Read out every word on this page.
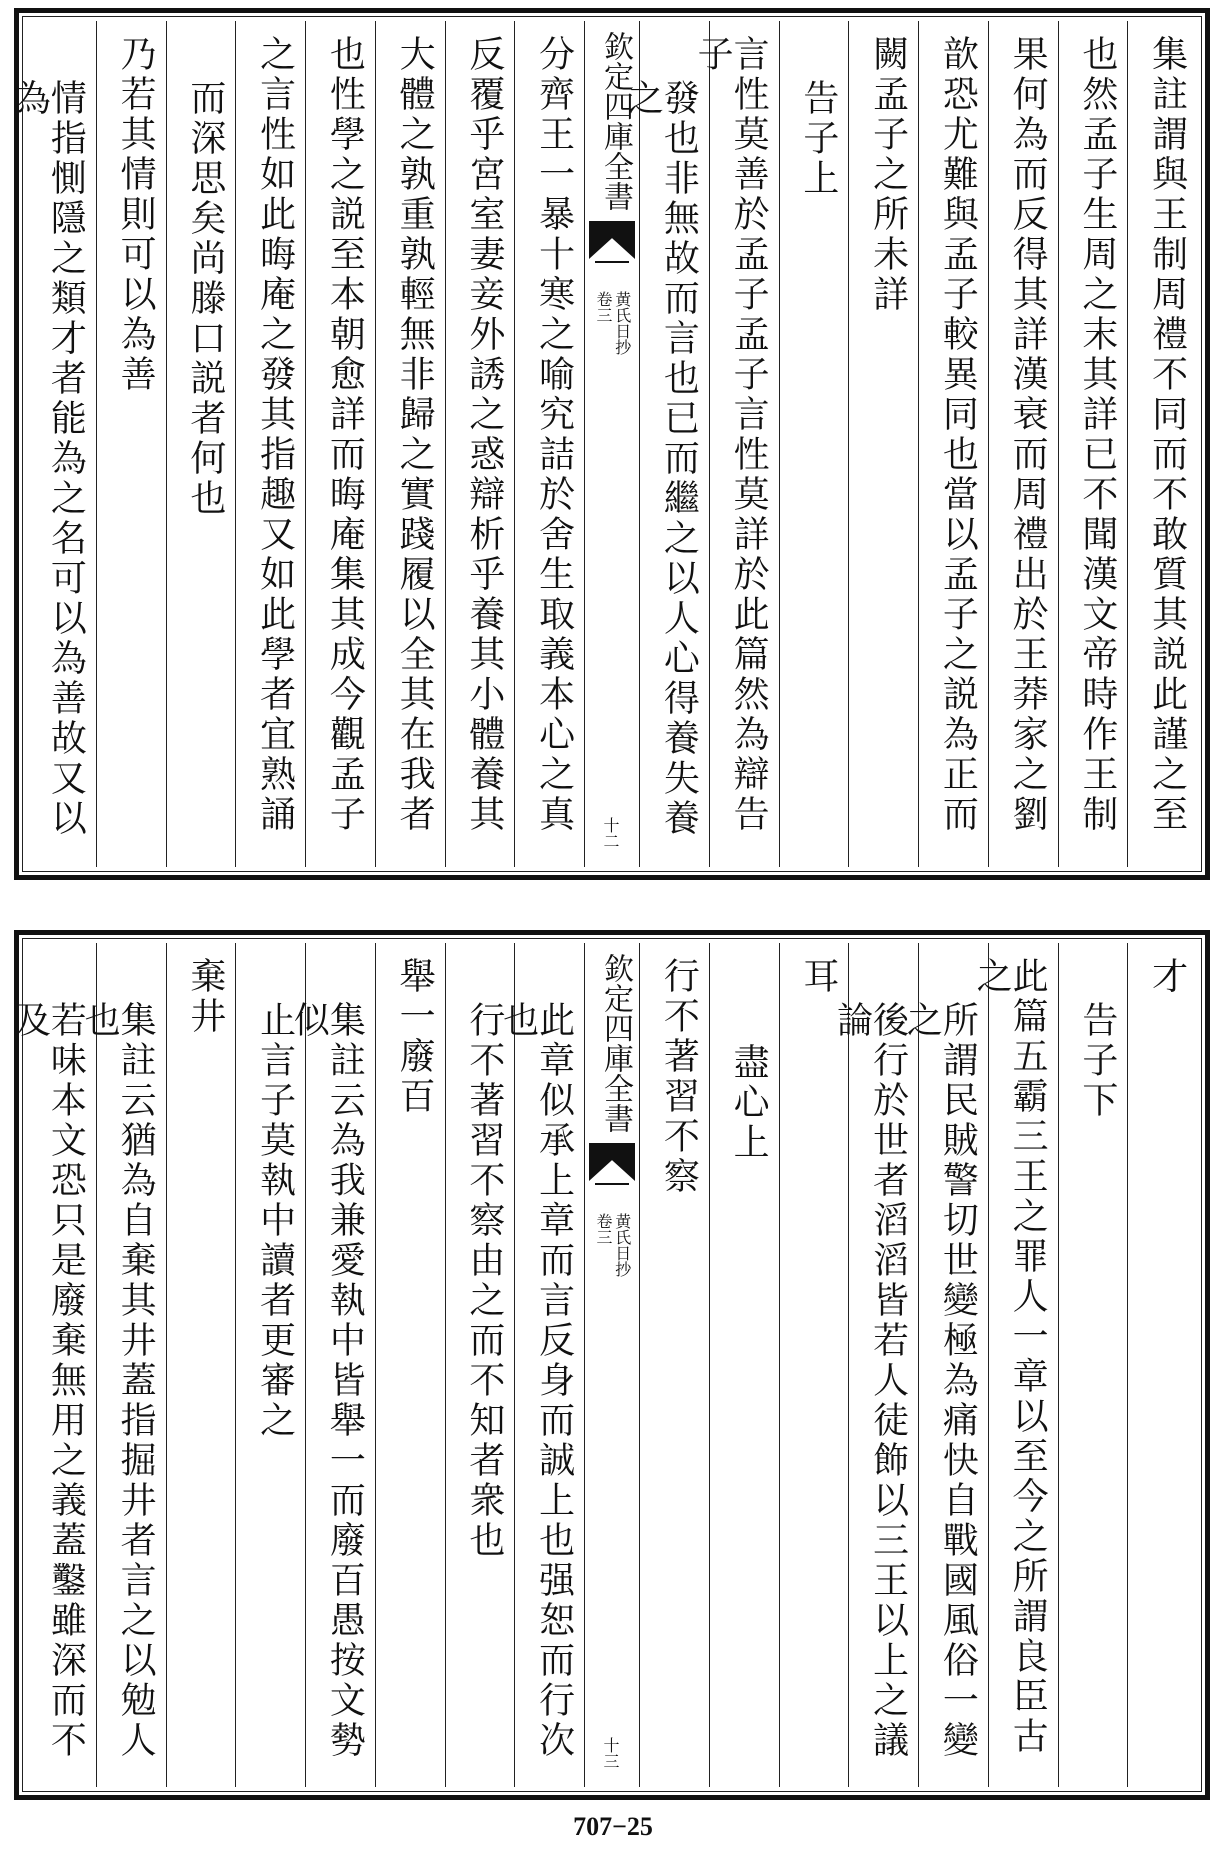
集註謂與王制周禮不同而不敢質其説此謹之至
也然孟子生周之末其詳已不聞漢文帝時作王制
果何為而反得其詳漢衰而周禮出於王莽家之劉
歆恐尤難與孟子較異同也當以孟子之説為正而
闕孟子之所未詳
告子上
言性莫善於孟子孟子言性莫詳於此篇然為辯告子
發也非無故而言也已而繼之以人心得養失養之
欽定四庫全書
黄氏日抄
卷三
十二
分齊王一暴十寒之喻究詰於舍生取義本心之真
反覆乎宮室妻妾外誘之惑辯析乎養其小體養其
大體之孰重孰輕無非歸之實踐履以全其在我者
也性學之説至本朝愈詳而晦庵集其成今觀孟子
之言性如此晦庵之發其指趣又如此學者宜熟誦
而深思矣尚滕口説者何也
乃若其情則可以為善
情指惻隱之類才者能為之名可以為善故又以為
才
告子下
此篇五霸三王之罪人一章以至今之所謂良臣古之
所謂民賊警切世變極為痛快自戰國風俗一變之
後行於世者滔滔皆若人徒飾以三王以上之議論
耳
盡心上
行不著習不察
欽定四庫全書
黄氏日抄
卷三
十三
此章似承上章而言反身而誠上也强恕而行次也
行不著習不察由之而不知者衆也
舉一廢百
集註云為我兼愛執中皆舉一而廢百愚按文勢似
止言子莫執中讀者更審之
棄井
集註云猶為自棄其井蓋指掘井者言之以勉人也
若味本文恐只是廢棄無用之義蓋鑿雖深而不及
707−25
